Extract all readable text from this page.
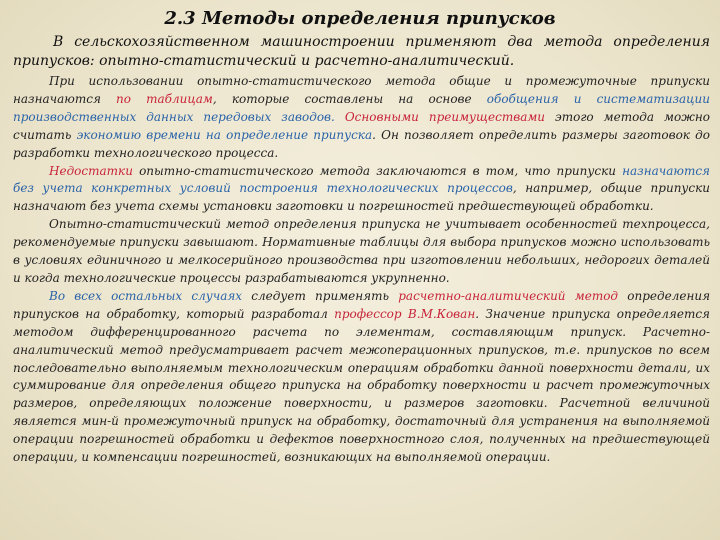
2.3 Методы определения припусков

В сельскохозяйственном машиностроении применяют два метода определения припусков: опытно-статистический и расчетно-аналитический.

При использовании опытно-статистического метода общие и промежуточные припуски назначаются по таблицам, которые составлены на основе обобщения и систематизации производственных данных передовых заводов. Основными преимуществами этого метода можно считать экономию времени на определение припуска. Он позволяет определить размеры заготовок до разработки технологического процесса.

Недостатки опытно-статистического метода заключаются в том, что припуски назначаются без учета конкретных условий построения технологических процессов, например, общие припуски назначают без учета схемы установки заготовки и погрешностей предшествующей обработки.

Опытно-статистический метод определения припуска не учитывает особенностей техпроцесса, рекомендуемые припуски завышают. Нормативные таблицы для выбора припусков можно использовать в условиях единичного и мелкосерийного производства при изготовлении небольших, недорогих деталей и когда технологические процессы разрабатываются укрупненно.

Во всех остальных случаях следует применять расчетно-аналитический метод определения припусков на обработку, который разработал профессор В.М.Кован. Значение припуска определяется методом дифференцированного расчета по элементам, составляющим припуск. Расчетно-аналитический метод предусматривает расчет межоперационных припусков, т.е. припусков по всем последовательно выполняемым технологическим операциям обработки данной поверхности детали, их суммирование для определения общего припуска на обработку поверхности и расчет промежуточных размеров, определяющих положение поверхности, и размеров заготовки. Расчетной величиной является мин-й промежуточный припуск на обработку, достаточный для устранения на выполняемой операции погрешностей обработки и дефектов поверхностного слоя, полученных на предшествующей операции, и компенсации погрешностей, возникающих на выполняемой операции.
